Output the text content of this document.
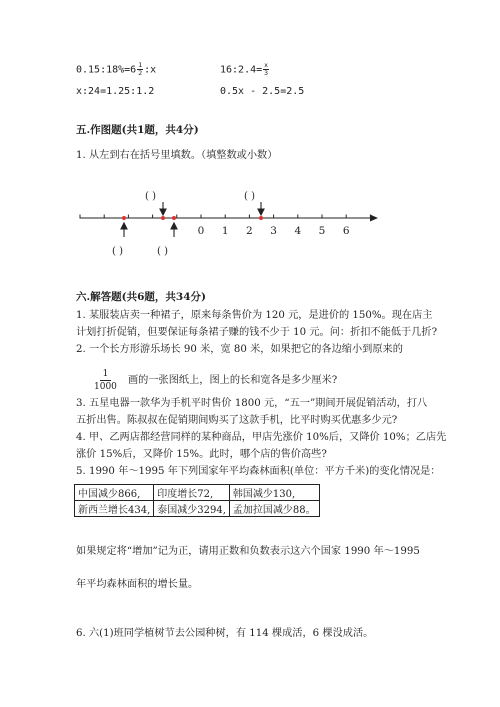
0.15:18%=6 $\frac{1}{2}$ :x	16:2.4= $\frac{x}{3}$
x:24=1.25:1.2	0.5x - 2.5=2.5
五.作图题(共1题，共4分)
1. 从左到右在括号里填数。（填整数或小数）
( )	( )
( )	( )
0 1 2 3 4 5 6
六.解答题(共6题，共34分)
1. 某服装店卖一种裙子，原来每条售价为 120 元，是进价的 150%。现在店主
计划打折促销，但要保证每条裙子赚的钱不少于 10 元。问：折扣不能低于几折?
2. 一个长方形游乐场长 90 米，宽 80 米，如果把它的各边缩小到原来的
1
1000
画的一张图纸上，图上的长和宽各是多少厘米?
3. 五星电器一款华为手机平时售价 1800 元，“五一”期间开展促销活动，打八
五折出售。陈叔叔在促销期间购买了这款手机，比平时购买优惠多少元?
4. 甲、乙两店都经营同样的某种商品，甲店先涨价 10%后，又降价 10%；乙店先
涨价 15%后，又降价 15%。此时，哪个店的售价高些?
5. 1990 年～1995 年下列国家年平均森林面积(单位：平方千米)的变化情况是：
中国减少866,	印度增长72,	韩国减少130,
新西兰增长434,	泰国减少3294,	孟加拉国减少88。
如果规定将“增加”记为正，请用正数和负数表示这六个国家 1990 年～1995
年平均森林面积的增长量。
6. 六(1)班同学植树节去公园种树，有 114 棵成活，6 棵没成活。
